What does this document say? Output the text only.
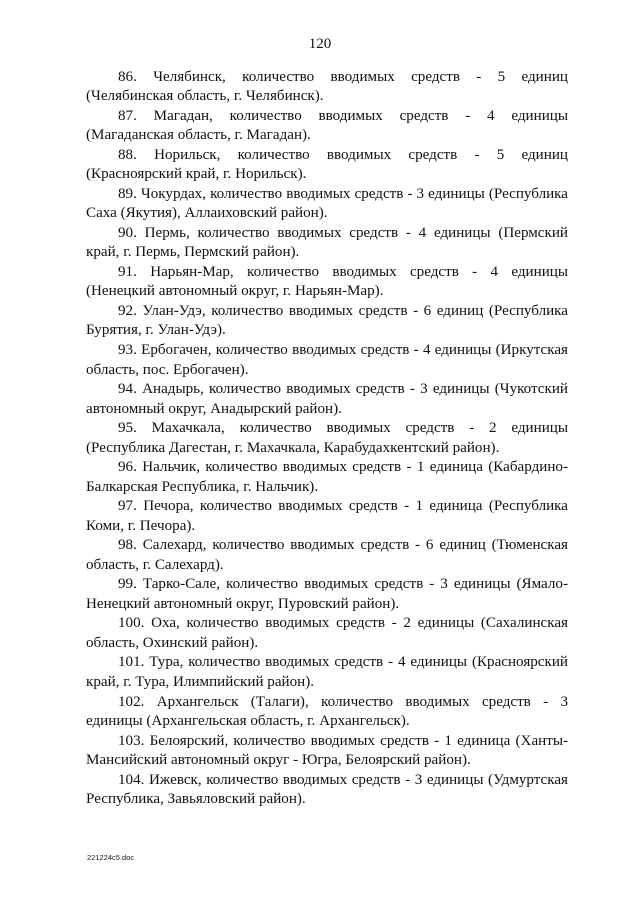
120

86. Челябинск, количество вводимых средств - 5 единиц (Челябинская область, г. Челябинск).

87. Магадан, количество вводимых средств - 4 единицы (Магаданская область, г. Магадан).

88. Норильск, количество вводимых средств - 5 единиц (Красноярский край, г. Норильск).

89. Чокурдах, количество вводимых средств - 3 единицы (Республика Саха (Якутия), Аллаиховский район).

90. Пермь, количество вводимых средств - 4 единицы (Пермский край, г. Пермь, Пермский район).

91. Нарьян-Мар, количество вводимых средств - 4 единицы (Ненецкий автономный округ, г. Нарьян-Мар).

92. Улан-Удэ, количество вводимых средств - 6 единиц (Республика Бурятия, г. Улан-Удэ).

93. Ербогачен, количество вводимых средств - 4 единицы (Иркутская область, пос. Ербогачен).

94. Анадырь, количество вводимых средств - 3 единицы (Чукотский автономный округ, Анадырский район).

95. Махачкала, количество вводимых средств - 2 единицы (Республика Дагестан, г. Махачкала, Карабудахкентский район).

96. Нальчик, количество вводимых средств - 1 единица (Кабардино-Балкарская Республика, г. Нальчик).

97. Печора, количество вводимых средств - 1 единица (Республика Коми, г. Печора).

98. Салехард, количество вводимых средств - 6 единиц (Тюменская область, г. Салехард).

99. Тарко-Сале, количество вводимых средств - 3 единицы (Ямало-Ненецкий автономный округ, Пуровский район).

100. Оха, количество вводимых средств - 2 единицы (Сахалинская область, Охинский район).

101. Тура, количество вводимых средств - 4 единицы (Красноярский край, г. Тура, Илимпийский район).

102. Архангельск (Талаги), количество вводимых средств - 3 единицы (Архангельская область, г. Архангельск).

103. Белоярский, количество вводимых средств - 1 единица (Ханты-Мансийский автономный округ - Югра, Белоярский район).

104. Ижевск, количество вводимых средств - 3 единицы (Удмуртская Республика, Завьяловский район).

221224c5.doc
